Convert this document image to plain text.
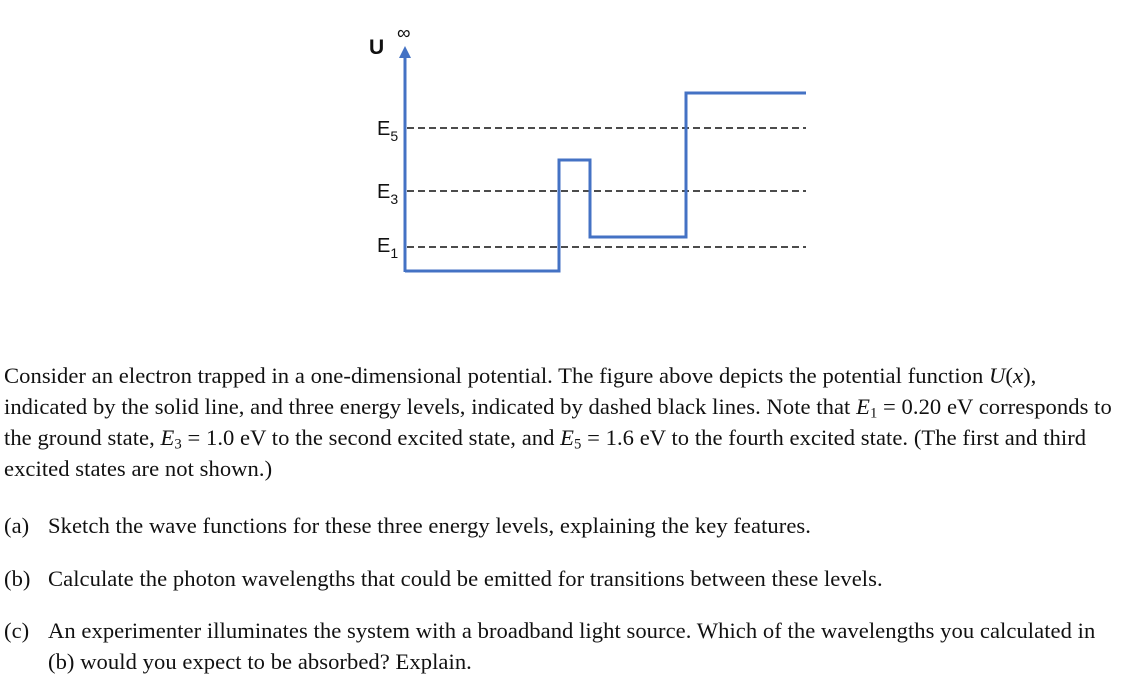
U
∞
$E_5$
$E_3$
$E_1$
Consider an electron trapped in a one-dimensional potential. The figure above depicts the potential function U(x), indicated by the solid line, and three energy levels, indicated by dashed black lines. Note that $E_1 = 0.20$ eV corresponds to the ground state, $E_3 = 1.0$ eV to the second excited state, and $E_5 = 1.6$ eV to the fourth excited state. (The first and third excited states are not shown.)
(a) Sketch the wave functions for these three energy levels, explaining the key features.
(b) Calculate the photon wavelengths that could be emitted for transitions between these levels.
(c) An experimenter illuminates the system with a broadband light source. Which of the wavelengths you calculated in (b) would you expect to be absorbed? Explain.
